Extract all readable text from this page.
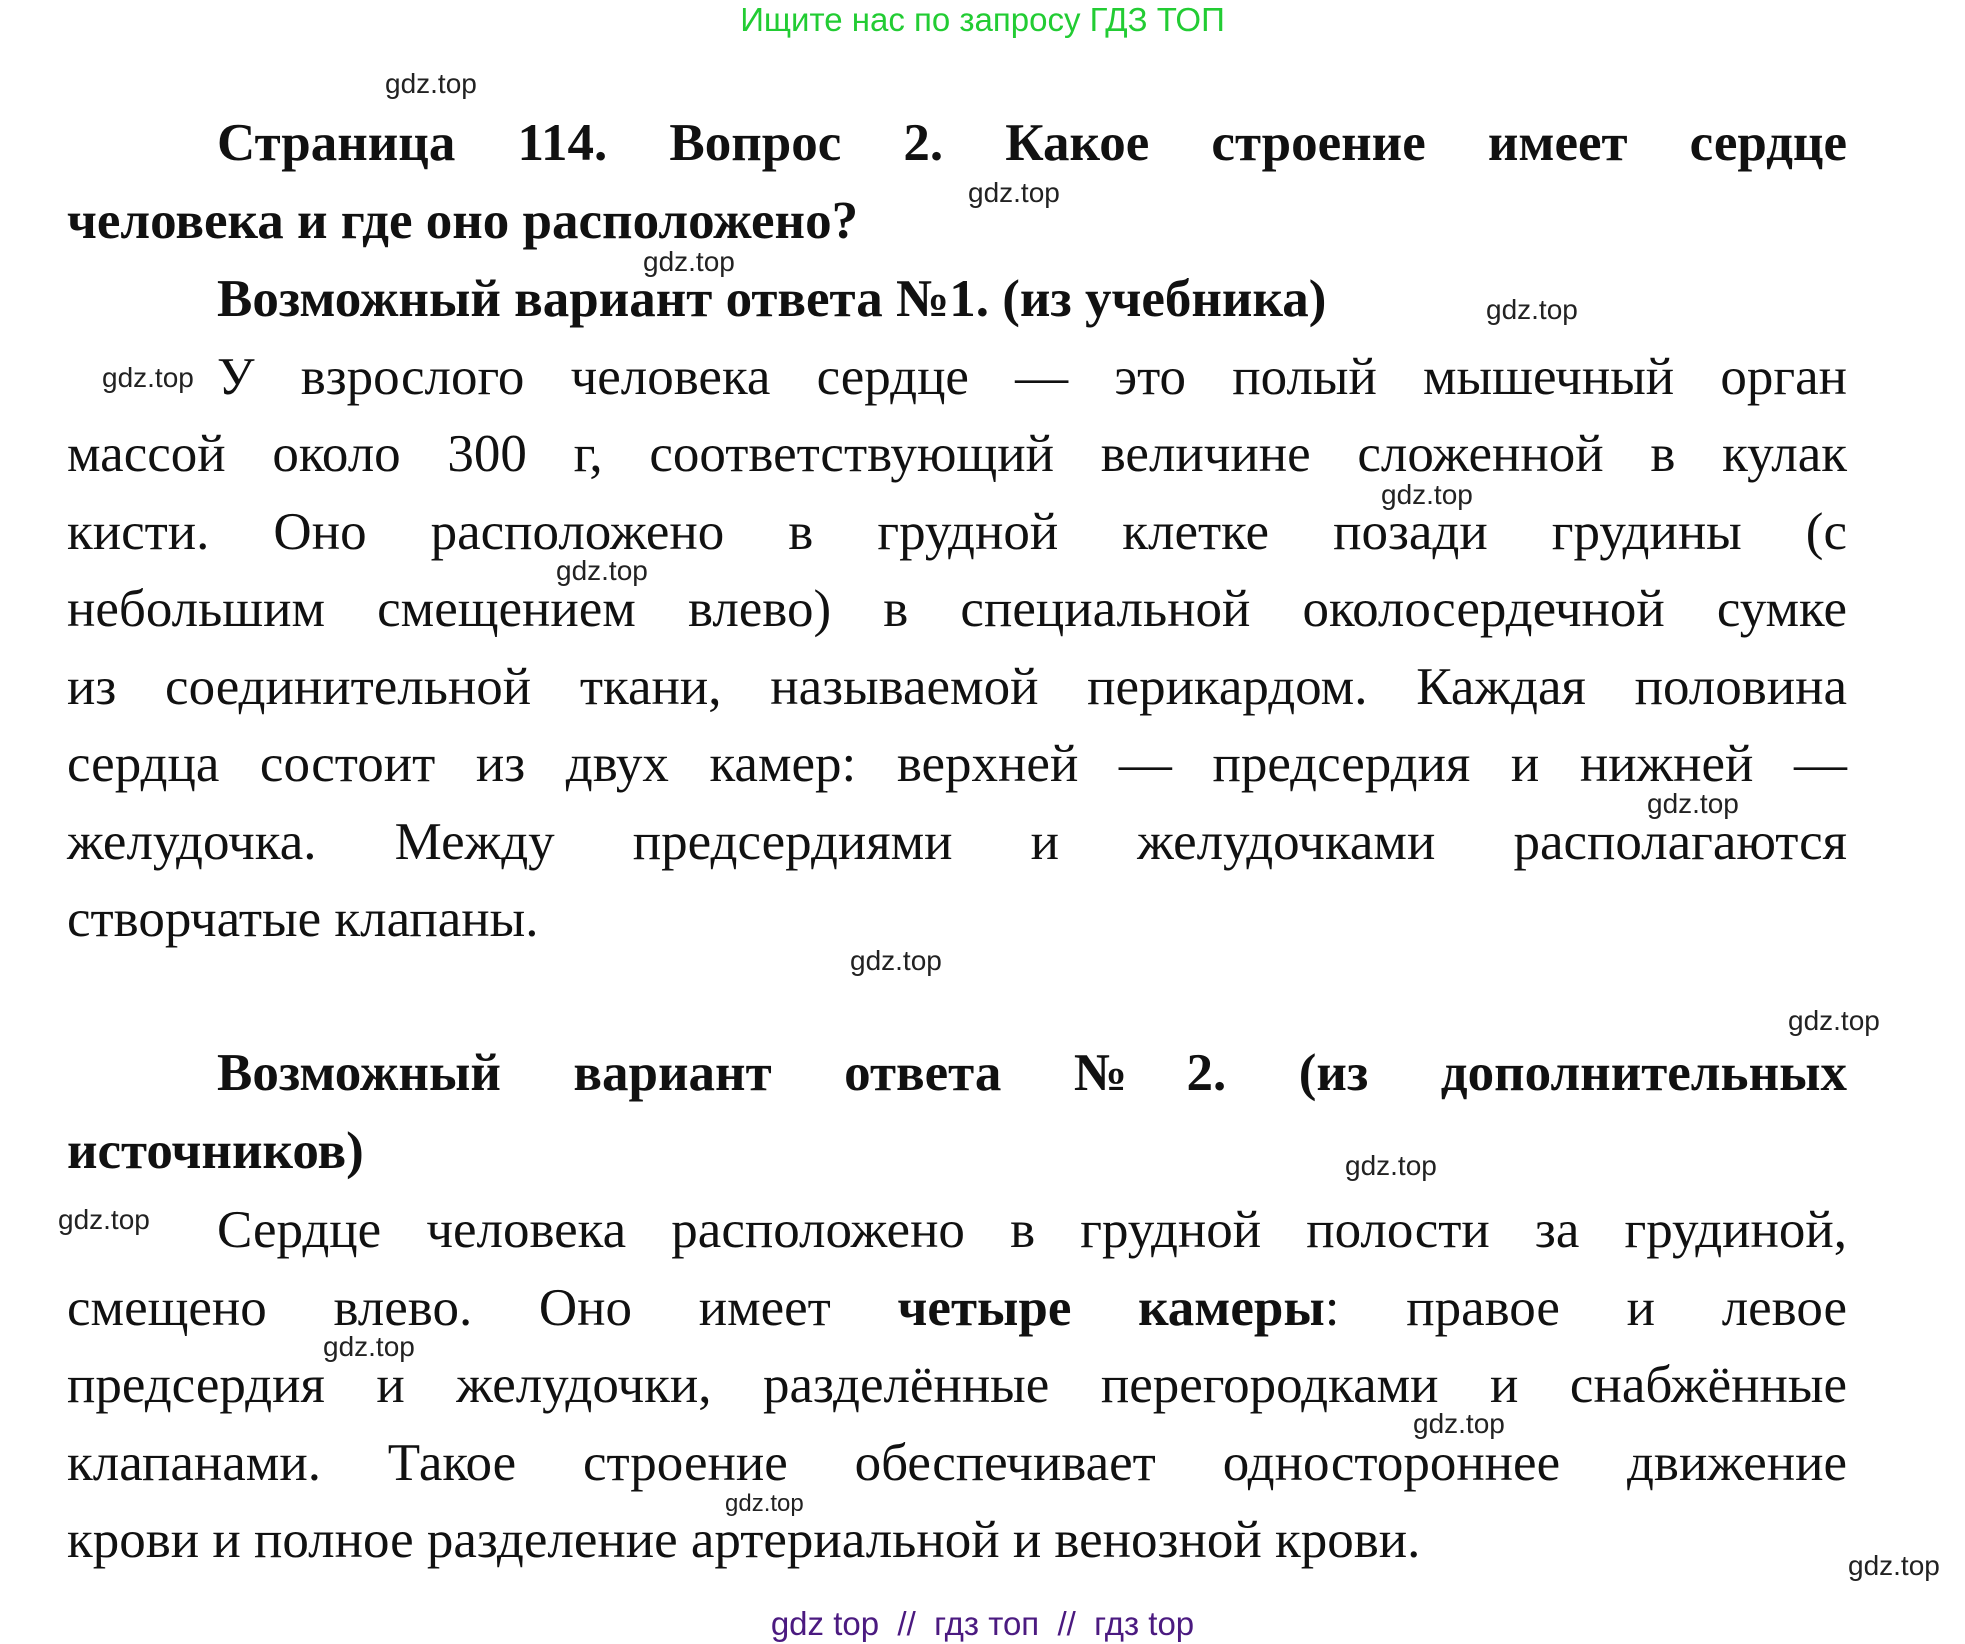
Ищите нас по запросу ГДЗ ТОП
Страница 114. Вопрос 2. Какое строение имеет сердце
человека и где оно расположено?
Возможный вариант ответа №1. (из учебника)
У взрослого человека сердце — это полый мышечный орган
массой около 300 г, соответствующий величине сложенной в кулак
кисти. Оно расположено в грудной клетке позади грудины (с
небольшим смещением влево) в специальной околосердечной сумке
из соединительной ткани, называемой перикардом. Каждая половина
сердца состоит из двух камер: верхней — предсердия и нижней —
желудочка. Между предсердиями и желудочками располагаются
створчатые клапаны.
Возможный вариант ответа №2. (из дополнительных
источников)
Сердце человека расположено в грудной полости за грудиной,
смещено влево. Оно имеет четыре камеры: правое и левое
предсердия и желудочки, разделённые перегородками и снабжённые
клапанами. Такое строение обеспечивает одностороннее движение
крови и полное разделение артериальной и венозной крови.
gdz.top
gdz.top
gdz.top
gdz.top
gdz.top
gdz.top
gdz.top
gdz.top
gdz.top
gdz.top
gdz.top
gdz.top
gdz.top
gdz.top
gdz.top
gdz.top
gdz top  //  гдз топ  //  гдз top
